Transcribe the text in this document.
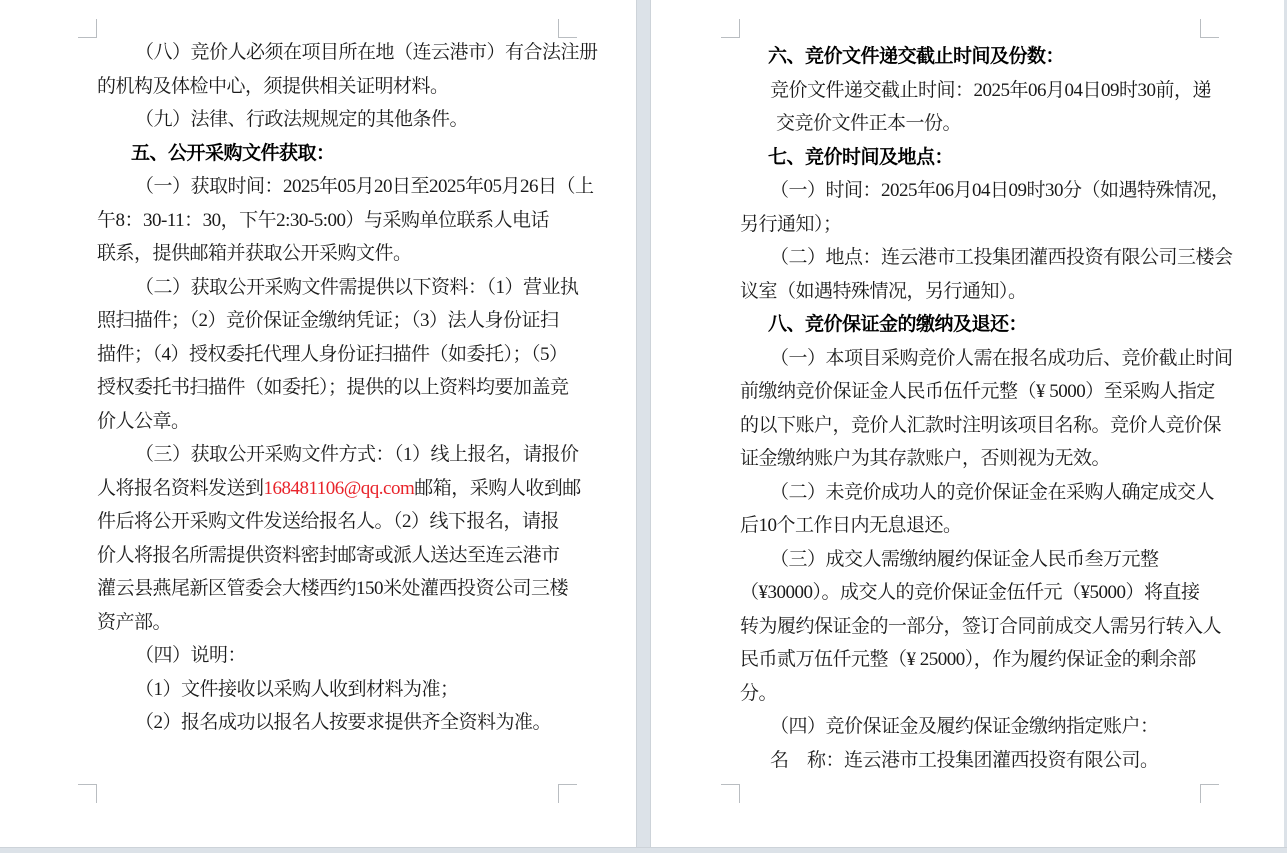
（八）竞价人必须在项目所在地（连云港市）有合法注册
的机构及体检中心，须提供相关证明材料。
（九）法律、行政法规规定的其他条件。
五、公开采购文件获取：
（一）获取时间：2025年05月20日至2025年05月26日（上
午8：30-11：30，下午2:30-5:00）与采购单位联系人电话
联系，提供邮箱并获取公开采购文件。
（二）获取公开采购文件需提供以下资料：（1）营业执
照扫描件；（2）竞价保证金缴纳凭证；（3）法人身份证扫
描件；（4）授权委托代理人身份证扫描件（如委托）；（5）
授权委托书扫描件（如委托）；提供的以上资料均要加盖竞
价人公章。
（三）获取公开采购文件方式：（1）线上报名，请报价
人将报名资料发送到168481106@qq.com邮箱，采购人收到邮
件后将公开采购文件发送给报名人。（2）线下报名，请报
价人将报名所需提供资料密封邮寄或派人送达至连云港市
灌云县燕尾新区管委会大楼西约150米处灌西投资公司三楼
资产部。
（四）说明：
（1）文件接收以采购人收到材料为准；
（2）报名成功以报名人按要求提供齐全资料为准。
六、竞价文件递交截止时间及份数：
竞价文件递交截止时间：2025年06月04日09时30前，递
交竞价文件正本一份。
七、竞价时间及地点：
（一）时间：2025年06月04日09时30分（如遇特殊情况，
另行通知）；
（二）地点：连云港市工投集团灌西投资有限公司三楼会
议室（如遇特殊情况，另行通知）。
八、竞价保证金的缴纳及退还：
（一）本项目采购竞价人需在报名成功后、竞价截止时间
前缴纳竞价保证金人民币伍仟元整（¥ 5000）至采购人指定
的以下账户，竞价人汇款时注明该项目名称。竞价人竞价保
证金缴纳账户为其存款账户，否则视为无效。
（二）未竞价成功人的竞价保证金在采购人确定成交人
后10个工作日内无息退还。
（三）成交人需缴纳履约保证金人民币叁万元整
（¥30000）。成交人的竞价保证金伍仟元（¥5000）将直接
转为履约保证金的一部分，签订合同前成交人需另行转入人
民币贰万伍仟元整（¥ 25000），作为履约保证金的剩余部
分。
（四）竞价保证金及履约保证金缴纳指定账户：
名　称：连云港市工投集团灌西投资有限公司。
